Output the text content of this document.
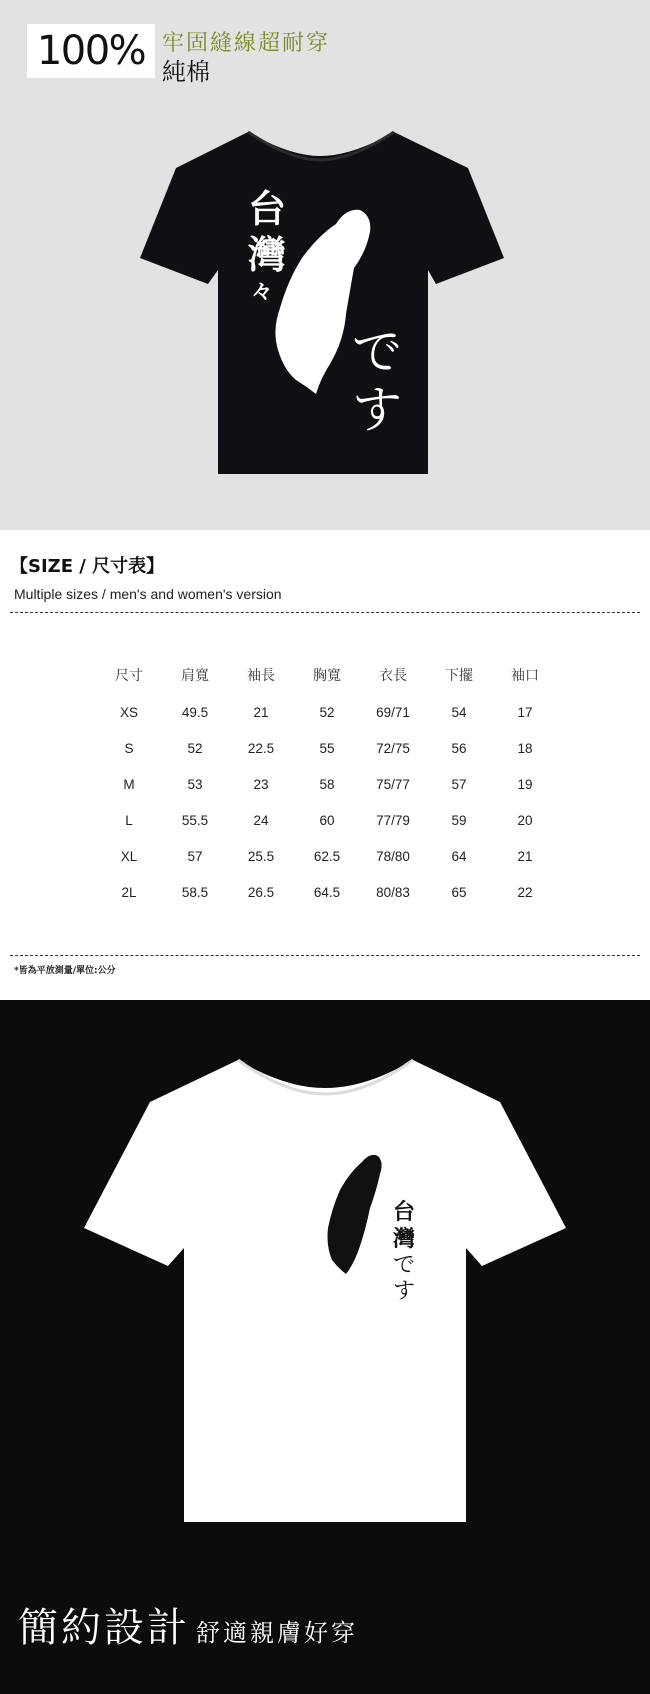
100% 牢固縫線超耐穿
純棉
台
灣
々
で
す
【SIZE / 尺寸表】
Multiple sizes / men's and women's version
尺寸	肩寬	袖長	胸寬	衣長	下擺	袖口
XS	49.5	21	52	69/71	54	17
S	52	22.5	55	72/75	56	18
M	53	23	58	75/77	57	19
L	55.5	24	60	77/79	59	20
XL	57	25.5	62.5	78/80	64	21
2L	58.5	26.5	64.5	80/83	65	22
*皆為平放測量/單位:公分
台
灣
で
す
簡約設計 舒適親膚好穿
